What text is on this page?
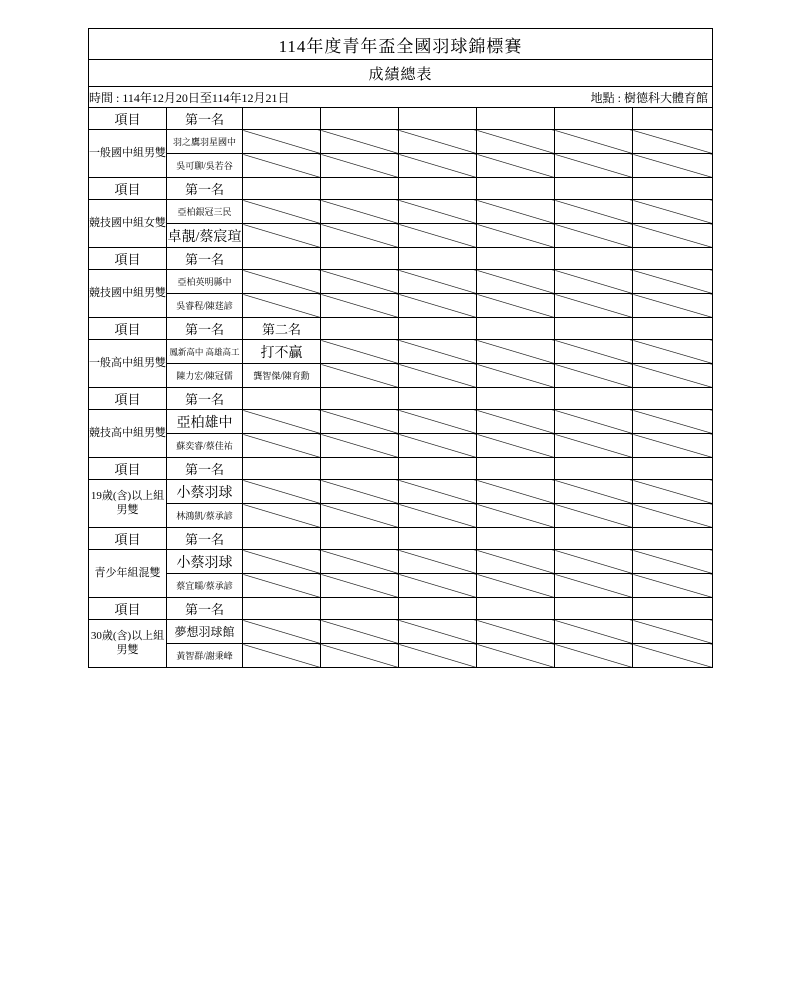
114年度青年盃全國羽球錦標賽							
成績總表							

時間 : 114年12月20日至114年12月21日 地點 : 樹德科大體育館							

項目	第一名						
一般國中組男雙	羽之鷹羽星國中						
	吳可聊/吳若谷						
項目	第一名						
競技國中組女雙	亞柏銀冠三民						
	卓靚/蔡宸瑄						
項目	第一名						
競技國中組男雙	亞柏英明縣中						
	吳睿程/陳莛諺						
項目	第一名	第二名					
一般高中組男雙	鳳新高中 高雄高工	打不贏					
	陳力宏/陳冠儒	龔智傑/陳育勳					
項目	第一名						
競技高中組男雙	亞柏雄中						
	蘇奕睿/蔡佳祐						
項目	第一名						
19歲(含)以上組男雙	小蔡羽球						
	林鴻凱/蔡承諺						
項目	第一名						
青少年組混雙	小蔡羽球						
	蔡宜曘/蔡承諺						
項目	第一名						
30歲(含)以上組男雙	夢想羽球館						
	黃智群/謝秉峰						
